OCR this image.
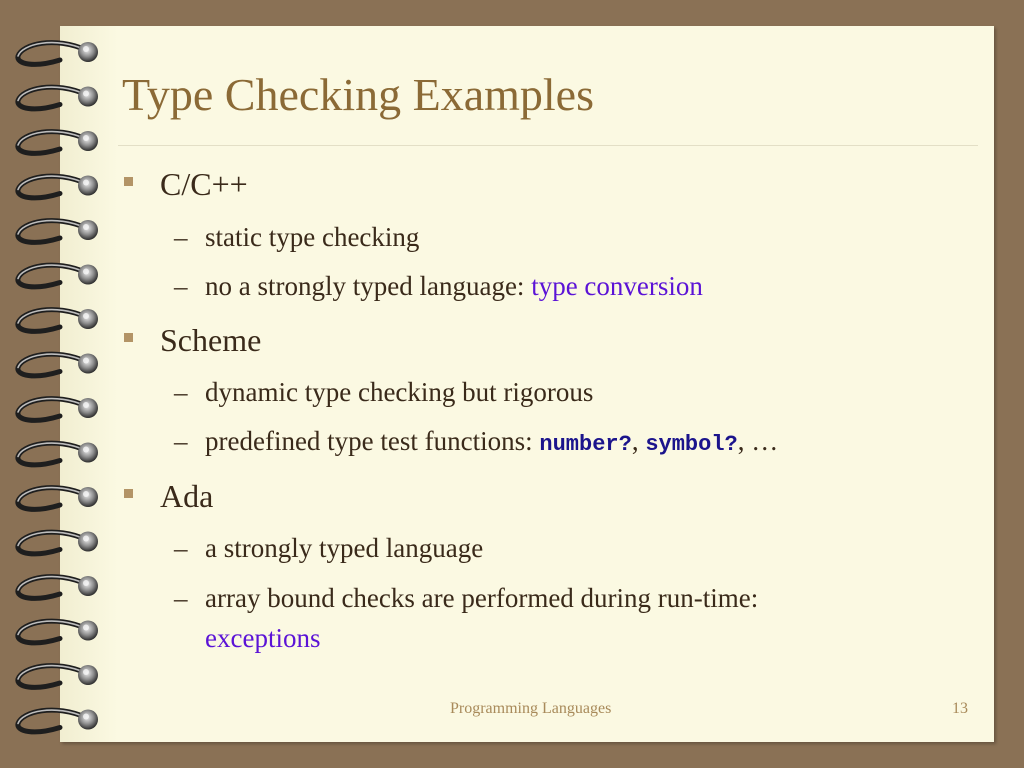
Type Checking Examples
C/C++
– static type checking
– no a strongly typed language: type conversion
Scheme
– dynamic type checking but rigorous
– predefined type test functions: number?, symbol?, …
Ada
– a strongly typed language
– array bound checks are performed during run-time:
exceptions
Programming Languages	13
